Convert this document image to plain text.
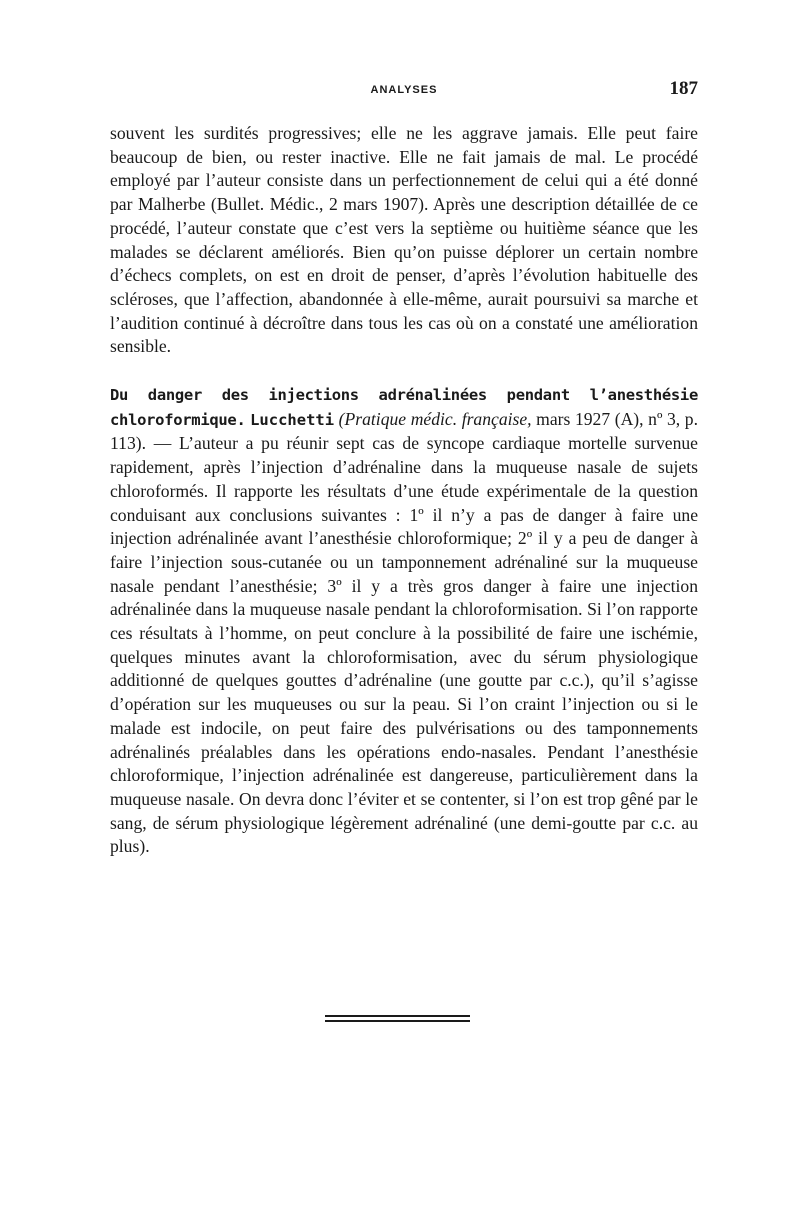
ANALYSES	187

souvent les surdités progressives; elle ne les aggrave jamais. Elle peut faire beaucoup de bien, ou rester inactive. Elle ne fait jamais de mal. Le procédé employé par l’auteur consiste dans un perfectionnement de celui qui a été donné par Malherbe (Bullet. Médic., 2 mars 1907). Après une description détaillée de ce procédé, l’auteur constate que c’est vers la septième ou huitième séance que les malades se déclarent améliorés. Bien qu’on puisse déplorer un certain nombre d’échecs complets, on est en droit de penser, d’après l’évolution habituelle des scléroses, que l’affection, abandonnée à elle-même, aurait poursuivi sa marche et l’audition continué à décroître dans tous les cas où on a constaté une amélioration sensible.

Du danger des injections adrénalinées pendant l’anesthésie chloroformique. Lucchetti (Pratique médic. française, mars 1927 (A), nº 3, p. 113). — L’auteur a pu réunir sept cas de syncope cardiaque mortelle survenue rapidement, après l’injection d’adrénaline dans la muqueuse nasale de sujets chloroformés. Il rapporte les résultats d’une étude expérimentale de la question conduisant aux conclusions suivantes : 1º il n’y a pas de danger à faire une injection adrénalinée avant l’anesthésie chloroformique; 2º il y a peu de danger à faire l’injection sous-cutanée ou un tamponnement adrénaliné sur la muqueuse nasale pendant l’anesthésie; 3º il y a très gros danger à faire une injection adrénalinée dans la muqueuse nasale pendant la chloroformisation. Si l’on rapporte ces résultats à l’homme, on peut conclure à la possibilité de faire une ischémie, quelques minutes avant la chloroformisation, avec du sérum physiologique additionné de quelques gouttes d’adrénaline (une goutte par c.c.), qu’il s’agisse d’opération sur les muqueuses ou sur la peau. Si l’on craint l’injection ou si le malade est indocile, on peut faire des pulvérisations ou des tamponnements adrénalinés préalables dans les opérations endo-nasales. Pendant l’anesthésie chloroformique, l’injection adrénalinée est dangereuse, particulièrement dans la muqueuse nasale. On devra donc l’éviter et se contenter, si l’on est trop gêné par le sang, de sérum physiologique légèrement adrénaliné (une demi-goutte par c.c. au plus).
